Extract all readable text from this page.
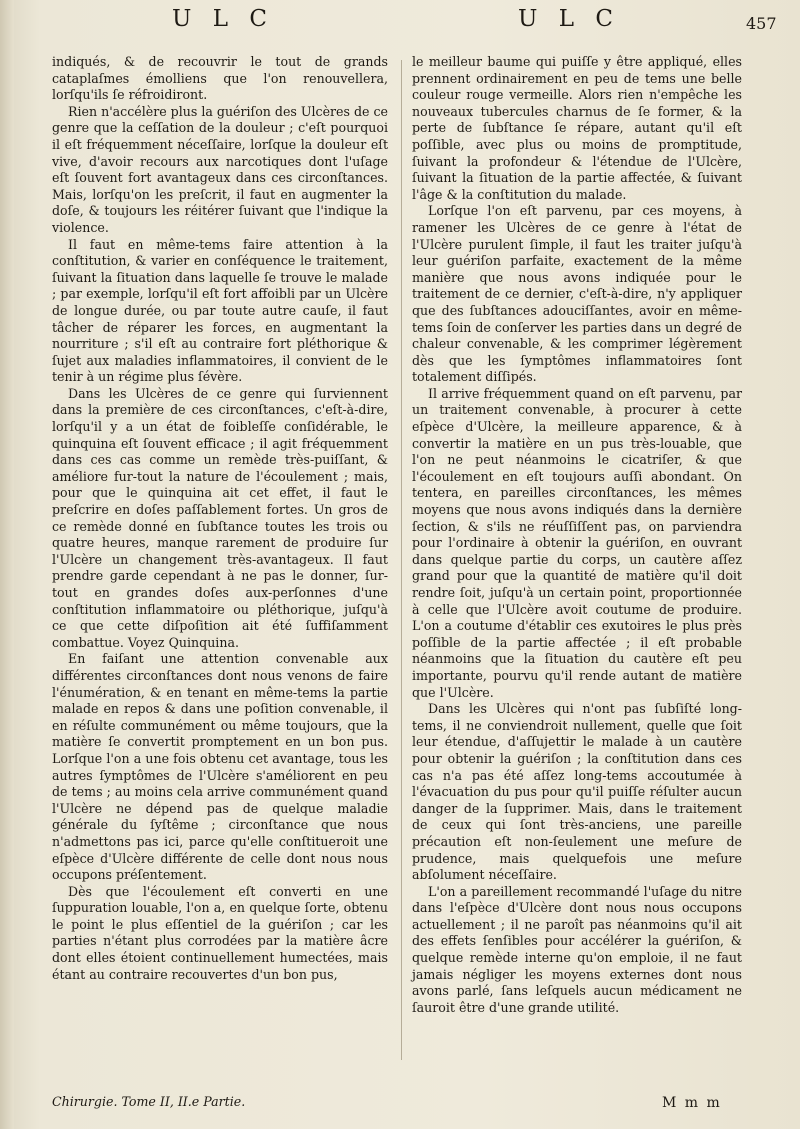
U L C	U L C	457

indiqués, & de recouvrir le tout de grands cataplaſmes émolliens que l'on renouvellera, lorſqu'ils ſe réfroidiront.

Rien n'accélère plus la guériſon des Ulcères de ce genre que la ceſſation de la douleur ; c'eſt pourquoi il eſt fréquemment néceſſaire, lorſque la douleur eſt vive, d'avoir recours aux narcotiques dont l'uſage eſt ſouvent fort avantageux dans ces circonſtances. Mais, lorſqu'on les preſcrit, il faut en augmenter la doſe, & toujours les réitérer ſuivant que l'indique la violence.

Il faut en même-tems faire attention à la conſtitution, & varier en conſéquence le traitement, ſuivant la ſituation dans laquelle ſe trouve le malade ; par exemple, lorſqu'il eſt fort affoibli par un Ulcère de longue durée, ou par toute autre cauſe, il faut tâcher de réparer les forces, en augmentant la nourriture ; s'il eſt au contraire fort pléthorique & ſujet aux maladies inflammatoires, il convient de le tenir à un régime plus ſévère.

Dans les Ulcères de ce genre qui ſurviennent dans la première de ces circonſtances, c'eſt-à-dire, lorſqu'il y a un état de foibleſſe conſidérable, le quinquina eſt ſouvent efficace ; il agit fréquemment dans ces cas comme un remède très-puiſſant, & améliore fur-tout la nature de l'écoulement ; mais, pour que le quinquina ait cet effet, il faut le preſcrire en doſes paſſablement fortes. Un gros de ce remède donné en ſubſtance toutes les trois ou quatre heures, manque rarement de produire ſur l'Ulcère un changement très-avantageux. Il faut prendre garde cependant à ne pas le donner, ſur-tout en grandes doſes aux-perſonnes d'une conſtitution inflammatoire ou pléthorique, juſqu'à ce que cette diſpoſition ait été ſuffiſamment combattue. Voyez Quinquina.

En faiſant une attention convenable aux différentes circonſtances dont nous venons de faire l'énumération, & en tenant en même-tems la partie malade en repos & dans une poſition convenable, il en réſulte communément ou même toujours, que la matière ſe convertit promptement en un bon pus. Lorſque l'on a une fois obtenu cet avantage, tous les autres ſymptômes de l'Ulcère s'améliorent en peu de tems ; au moins cela arrive communément quand l'Ulcère ne dépend pas de quelque maladie générale du ſyſtême ; circonſtance que nous n'admettons pas ici, parce qu'elle conſtitueroit une eſpèce d'Ulcère différente de celle dont nous nous occupons préſentement.

Dès que l'écoulement eſt converti en une ſuppuration louable, l'on a, en quelque ſorte, obtenu le point le plus eſſentiel de la guériſon ; car les parties n'étant plus corrodées par la matière âcre dont elles étoient continuellement humectées, mais étant au contraire recouvertes d'un bon pus,

le meilleur baume qui puiſſe y être appliqué, elles prennent ordinairement en peu de tems une belle couleur rouge vermeille. Alors rien n'empêche les nouveaux tubercules charnus de ſe former, & la perte de ſubſtance ſe répare, autant qu'il eſt poſſible, avec plus ou moins de promptitude, ſuivant la profondeur & l'étendue de l'Ulcère, ſuivant la ſituation de la partie affectée, & ſuivant l'âge & la conſtitution du malade.

Lorſque l'on eſt parvenu, par ces moyens, à ramener les Ulcères de ce genre à l'état de l'Ulcère purulent ſimple, il faut les traiter juſqu'à leur guériſon parfaite, exactement de la même manière que nous avons indiquée pour le traitement de ce dernier, c'eſt-à-dire, n'y appliquer que des ſubſtances adouciſſantes, avoir en même-tems ſoin de conſerver les parties dans un degré de chaleur convenable, & les comprimer légèrement dès que les ſymptômes inflammatoires ſont totalement diſſipés.

Il arrive fréquemment quand on eſt parvenu, par un traitement convenable, à procurer à cette eſpèce d'Ulcère, la meilleure apparence, & à convertir la matière en un pus très-louable, que l'on ne peut néanmoins le cicatriſer, & que l'écoulement en eſt toujours auſſi abondant. On tentera, en pareilles circonſtances, les mêmes moyens que nous avons indiqués dans la dernière ſection, & s'ils ne réuſſiſſent pas, on parviendra pour l'ordinaire à obtenir la guériſon, en ouvrant dans quelque partie du corps, un cautère aſſez grand pour que la quantité de matière qu'il doit rendre ſoit, juſqu'à un certain point, proportionnée à celle que l'Ulcère avoit coutume de produire. L'on a coutume d'établir ces exutoires le plus près poſſible de la partie affectée ; il eſt probable néanmoins que la ſituation du cautère eſt peu importante, pourvu qu'il rende autant de matière que l'Ulcère.

Dans les Ulcères qui n'ont pas ſubſiſté long-tems, il ne conviendroit nullement, quelle que ſoit leur étendue, d'aſſujettir le malade à un cautère pour obtenir la guériſon ; la conſtitution dans ces cas n'a pas été aſſez long-tems accoutumée à l'évacuation du pus pour qu'il puiſſe réſulter aucun danger de la ſupprimer. Mais, dans le traitement de ceux qui ſont très-anciens, une pareille précaution eſt non-ſeulement une meſure de prudence, mais quelquefois une meſure abſolument néceſſaire.

L'on a pareillement recommandé l'uſage du nitre dans l'eſpèce d'Ulcère dont nous nous occupons actuellement ; il ne paroît pas néanmoins qu'il ait des effets ſenſibles pour accélérer la guériſon, & quelque remède interne qu'on emploie, il ne faut jamais négliger les moyens externes dont nous avons parlé, ſans leſquels aucun médicament ne ſauroit être d'une grande utilité.

Chirurgie. Tome II, II.e Partie.	M m m
